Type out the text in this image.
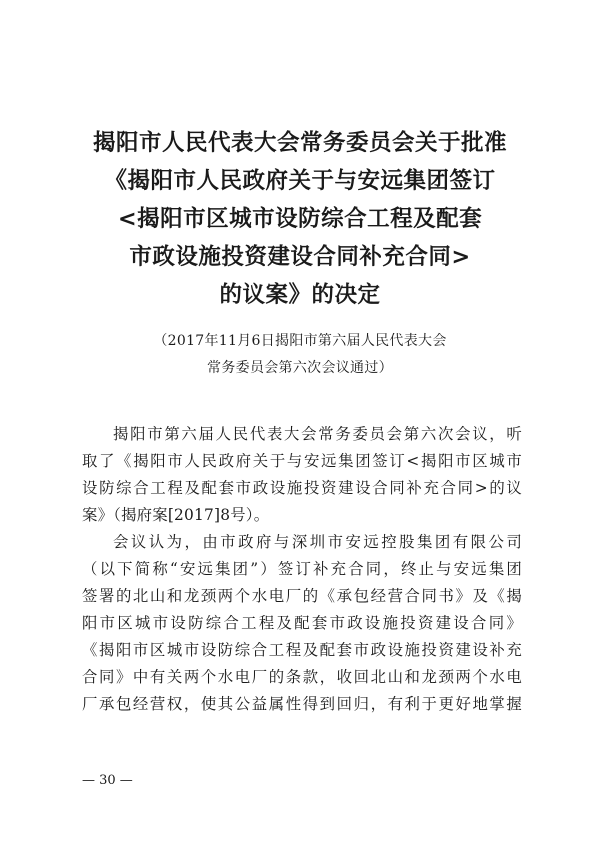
揭阳市人民代表大会常务委员会关于批准
《揭阳市人民政府关于与安远集团签订
<揭阳市区城市设防综合工程及配套
市政设施投资建设合同补充合同>
的议案》的决定
（2017年11月6日揭阳市第六届人民代表大会
常务委员会第六次会议通过）
揭阳市第六届人民代表大会常务委员会第六次会议，听
取了《揭阳市人民政府关于与安远集团签订<揭阳市区城市
设防综合工程及配套市政设施投资建设合同补充合同>的议
案》（揭府案[2017]8号）。
会议认为，由市政府与深圳市安远控股集团有限公司
（以下简称“安远集团”）签订补充合同，终止与安远集团
签署的北山和龙颈两个水电厂的《承包经营合同书》及《揭
阳市区城市设防综合工程及配套市政设施投资建设合同》
《揭阳市区城市设防综合工程及配套市政设施投资建设补充
合同》中有关两个水电厂的条款，收回北山和龙颈两个水电
厂承包经营权，使其公益属性得到回归，有利于更好地掌握
— 30 —
